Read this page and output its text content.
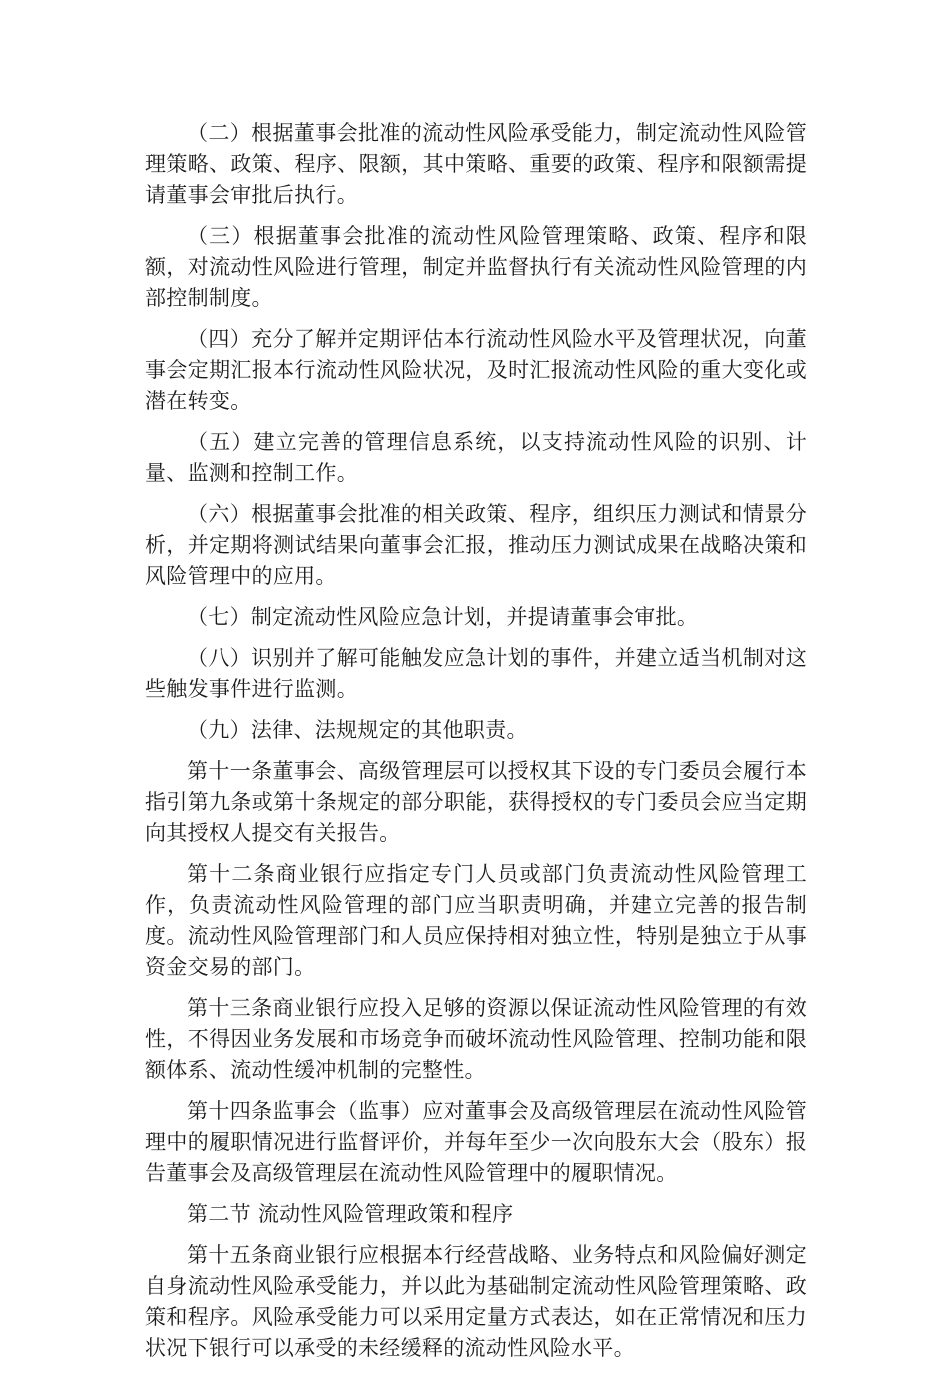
（二）根据董事会批准的流动性风险承受能力，制定流动性风险管理策略、政策、程序、限额，其中策略、重要的政策、程序和限额需提请董事会审批后执行。

（三）根据董事会批准的流动性风险管理策略、政策、程序和限额，对流动性风险进行管理，制定并监督执行有关流动性风险管理的内部控制制度。

（四）充分了解并定期评估本行流动性风险水平及管理状况，向董事会定期汇报本行流动性风险状况，及时汇报流动性风险的重大变化或潜在转变。

（五）建立完善的管理信息系统，以支持流动性风险的识别、计量、监测和控制工作。

（六）根据董事会批准的相关政策、程序，组织压力测试和情景分析，并定期将测试结果向董事会汇报，推动压力测试成果在战略决策和风险管理中的应用。

（七）制定流动性风险应急计划，并提请董事会审批。

（八）识别并了解可能触发应急计划的事件，并建立适当机制对这些触发事件进行监测。

（九）法律、法规规定的其他职责。

第十一条董事会、高级管理层可以授权其下设的专门委员会履行本指引第九条或第十条规定的部分职能，获得授权的专门委员会应当定期向其授权人提交有关报告。

第十二条商业银行应指定专门人员或部门负责流动性风险管理工作，负责流动性风险管理的部门应当职责明确，并建立完善的报告制度。流动性风险管理部门和人员应保持相对独立性，特别是独立于从事资金交易的部门。

第十三条商业银行应投入足够的资源以保证流动性风险管理的有效性，不得因业务发展和市场竞争而破坏流动性风险管理、控制功能和限额体系、流动性缓冲机制的完整性。

第十四条监事会（监事）应对董事会及高级管理层在流动性风险管理中的履职情况进行监督评价，并每年至少一次向股东大会（股东）报告董事会及高级管理层在流动性风险管理中的履职情况。

第二节 流动性风险管理政策和程序

第十五条商业银行应根据本行经营战略、业务特点和风险偏好测定自身流动性风险承受能力，并以此为基础制定流动性风险管理策略、政策和程序。风险承受能力可以采用定量方式表达，如在正常情况和压力状况下银行可以承受的未经缓释的流动性风险水平。
